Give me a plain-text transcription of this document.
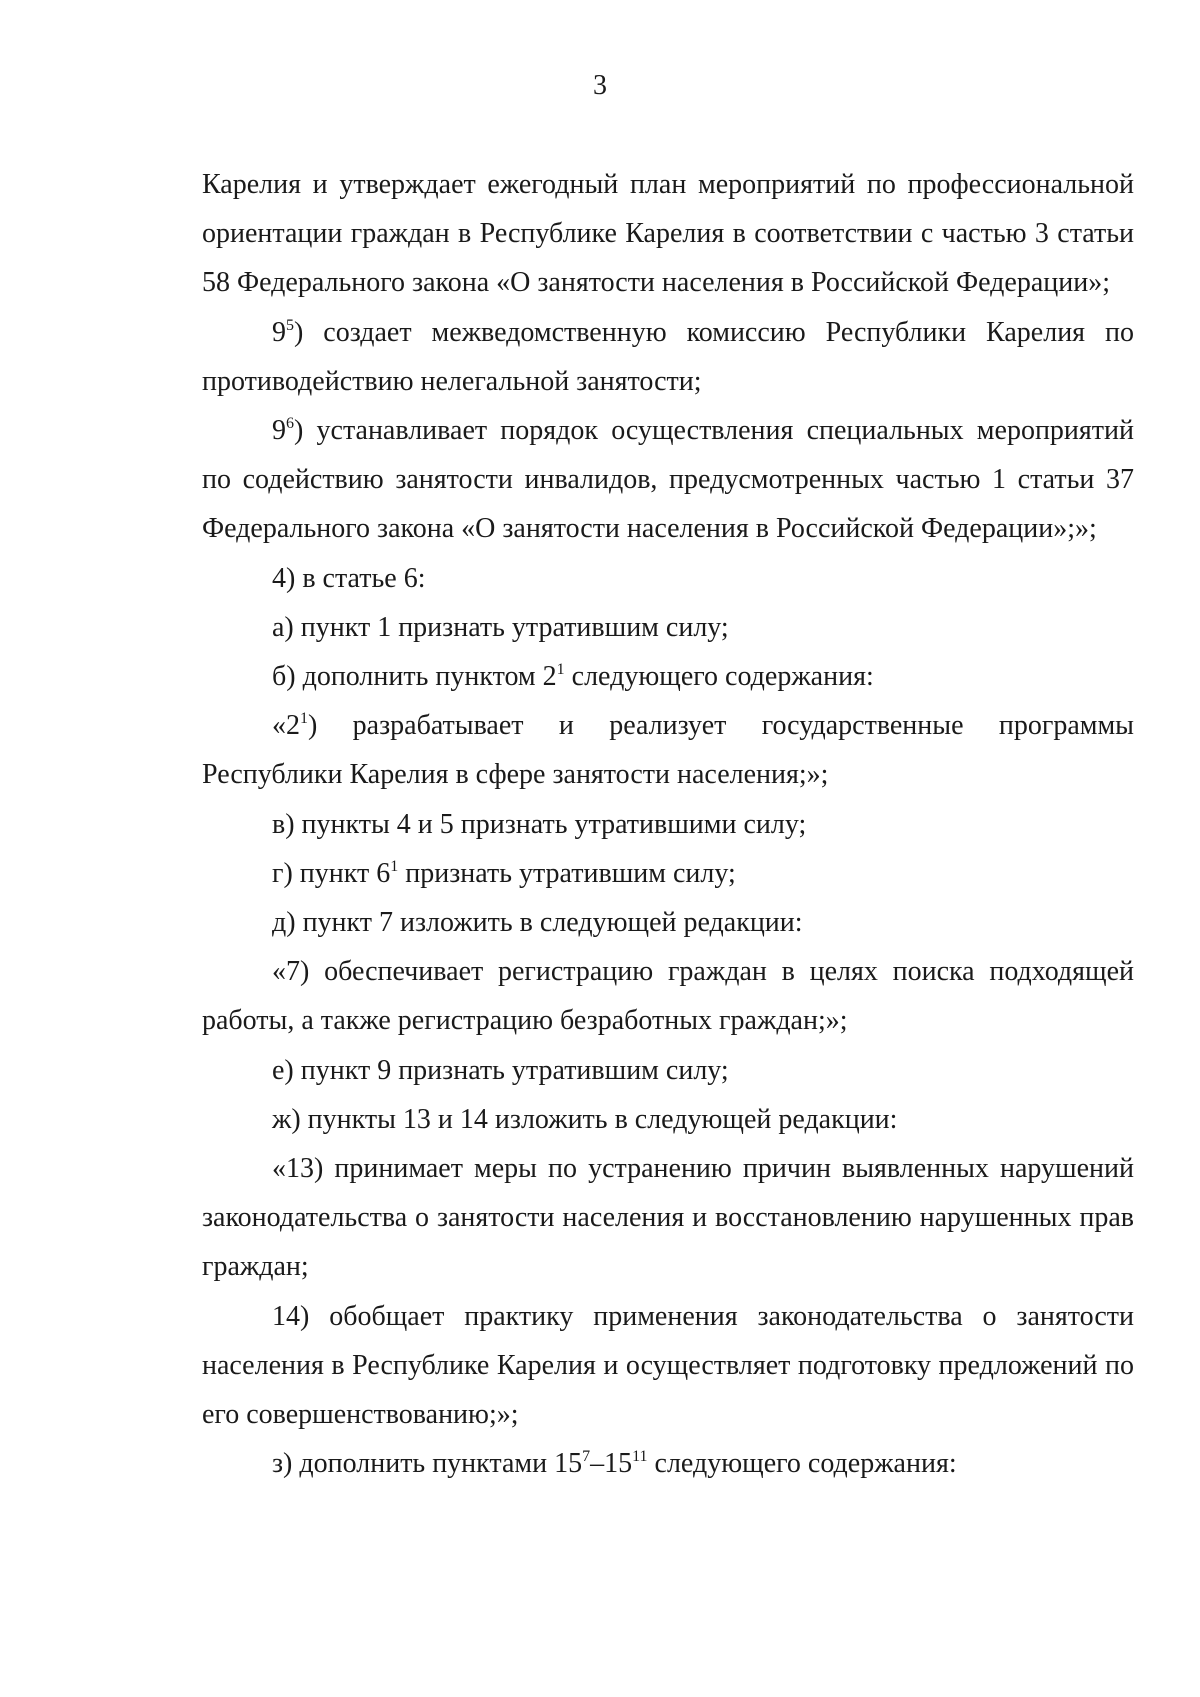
3

Карелия и утверждает ежегодный план мероприятий по профессиональной ориентации граждан в Республике Карелия в соответствии с частью 3 статьи 58 Федерального закона «О занятости населения в Российской Федерации»;

$9^5$) создает межведомственную комиссию Республики Карелия по противодействию нелегальной занятости;

$9^6$) устанавливает порядок осуществления специальных мероприятий по содействию занятости инвалидов, предусмотренных частью 1 статьи 37 Федерального закона «О занятости населения в Российской Федерации»;»;

4) в статье 6:

а) пункт 1 признать утратившим силу;

б) дополнить пунктом $2^1$ следующего содержания:

«$2^1$) разрабатывает и реализует государственные программы Республики Карелия в сфере занятости населения;»;

в) пункты 4 и 5 признать утратившими силу;

г) пункт $6^1$ признать утратившим силу;

д) пункт 7 изложить в следующей редакции:

«7) обеспечивает регистрацию граждан в целях поиска подходящей работы, а также регистрацию безработных граждан;»;

е) пункт 9 признать утратившим силу;

ж) пункты 13 и 14 изложить в следующей редакции:

«13) принимает меры по устранению причин выявленных нарушений законодательства о занятости населения и восстановлению нарушенных прав граждан;

14) обобщает практику применения законодательства о занятости населения в Республике Карелия и осуществляет подготовку предложений по его совершенствованию;»;

з) дополнить пунктами $15^7-15^{11}$ следующего содержания:
